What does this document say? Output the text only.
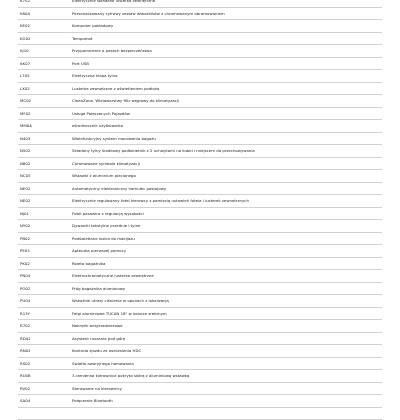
K7S2	Elektrycznie składane lusterka zewnętrzne
K80A	Personalizowany cyfrowy zestaw wskaźników z chromowanym obramowaniem
KE02	Komputer pokładowy
KG02	Tempomat
KJ10	Przypomnienie o pasach bezpieczeństwa
KK07	Port USB
L705	Elektryczna klapa tylna
LX02	Lusterka zewnętrzne z oświetleniem podłoża
MC02	CleanZone. Wielowarstwy filtr węglowy do klimatyzacji
MF02	Usługa Połączonych Pojazdów
MM0A	eśrodnecznik użytkownika
N403	Wielofunkcyjny system mocowania bagażu
N502	Składany tylny środkowy podłokietnik z 2 uchwytami na kubki i miejscem do przechowywania
N802	Chromowane symbole klimatyzacji
NC05	Wstawki z aluminium plecionego
NE02	Automatyczny elektroniczny hamulec postojowy
NE02	Elektrycznie regulowany fotel kierowcy z pamięcią ustawień fotela i lusterek zewnętrznych
NJ01	Fotel pasażera z regulacją wysokości
NY02	Dywaniki tekstylne przednie i tylne
PB02	Podświetlane lustra do makijażu
PE03	Apteczka pierwszej pomocy
PK02	Roleta bagażnika
PN04	Elektrochromatyczne lusterka zewnętrzne
PO02	Próg bagażnika aluminiowy
PU04	Wskaźnik utraty ciśnienia w oponach z lokalizacją
R13Y	Felgi aluminiowe TUCAN 18" w kolorze srebrnym
R702	Nakrętki antykradzieżowe
RD02	Asystent ruszania pod górę
RN02	Kontrola zjazdu ze wzniesienia HDC
RS02	Światła awaryjnego hamowania
RU0B	3-ramienna kierownica pokryta skórą z aluminiową wstawką
RV02	Sterowanie na kierownicy
SA04	Połączenie Bluetooth
